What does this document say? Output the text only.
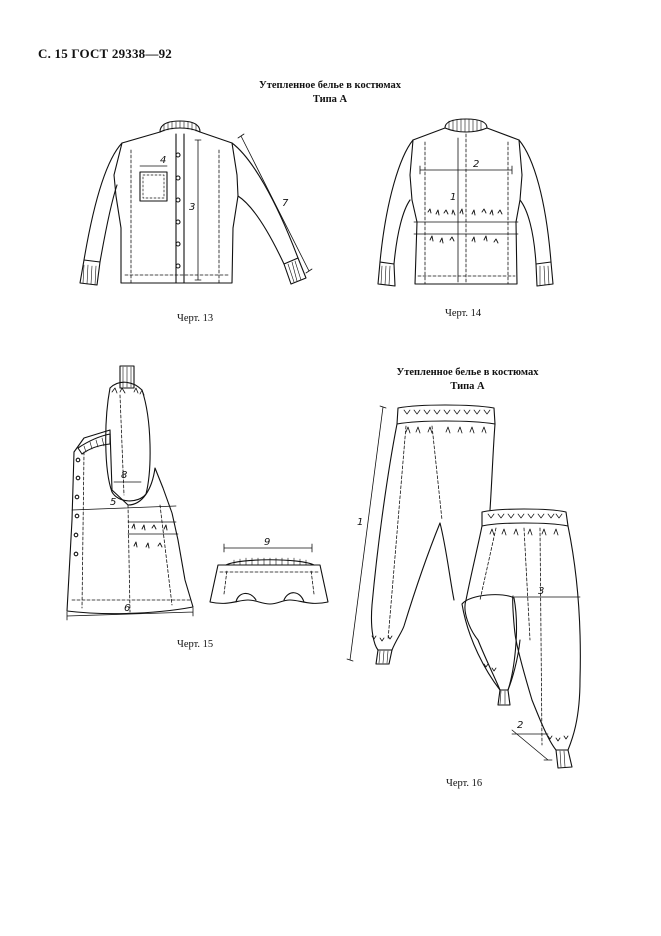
С. 15 ГОСТ 29338—92
Утепленное белье в костюмах
Типа А
Утепленное белье в костюмах
Типа А
4
3	7
2
1
8
5
6
9
1
3
2
Черт. 13	Черт. 14
Черт. 15
Черт. 16
